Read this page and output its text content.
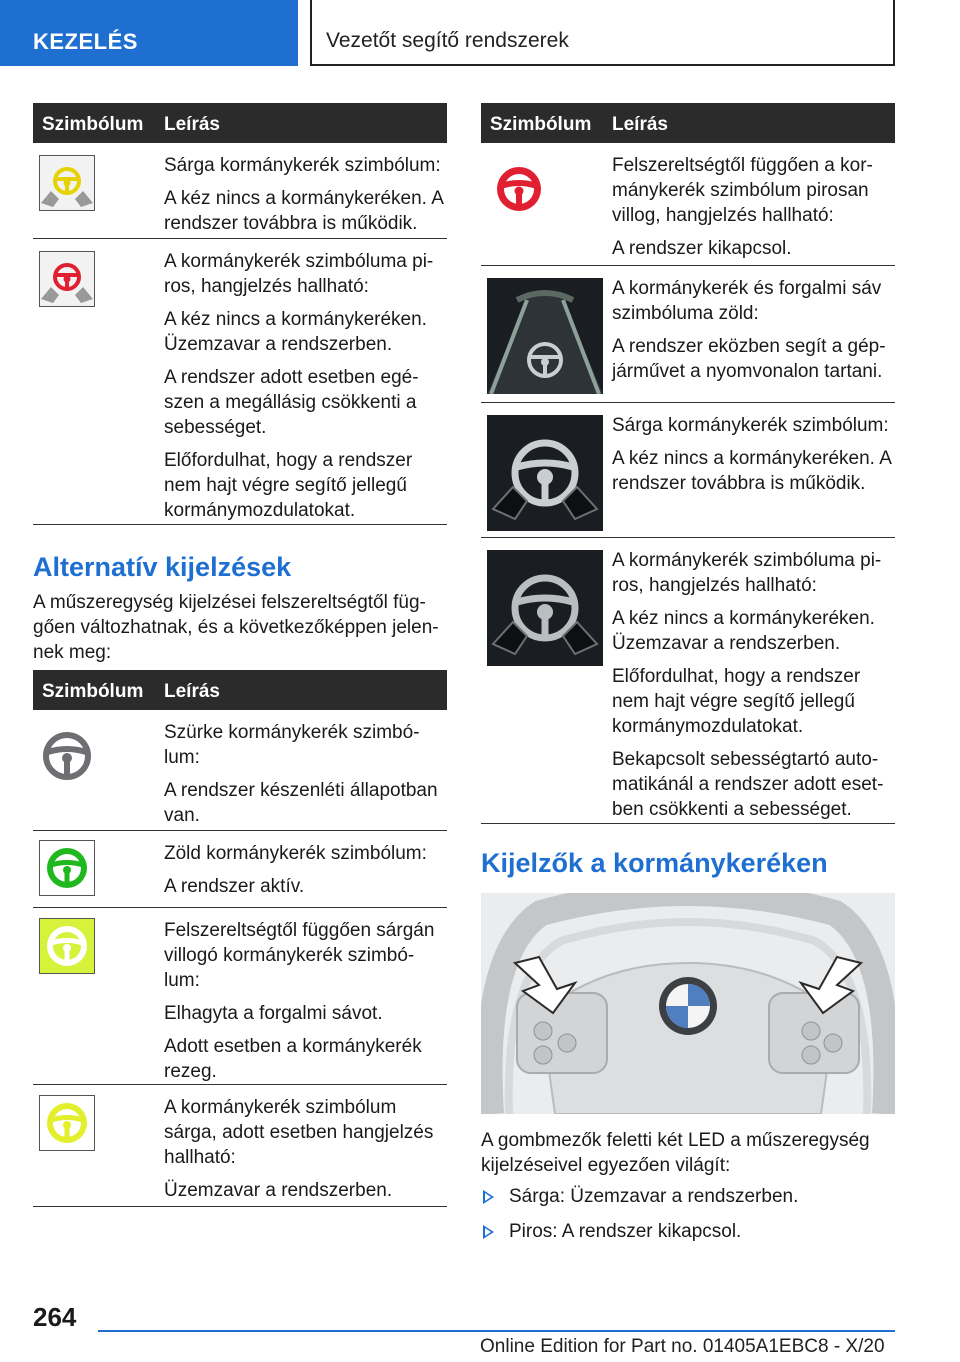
KEZELÉS	Vezetőt segítő rendszerek
Szimbólum Leírás

Sárga kormánykerék szimbólum:

A kéz nincs a kormánykeréken. A rendszer továbbra is működik.

A kormánykerék szimbóluma pi-ros, hangjelzés hallható:

A kéz nincs a kormánykeréken. Üzemzavar a rendszerben.

A rendszer adott esetben egé-szen a megállásig csökkenti a sebességet.

Előfordulhat, hogy a rendszer nem hajt végre segítő jellegű kormánymozdulatokat.

Alternatív kijelzések
A műszeregység kijelzései felszereltségtől füg-gően változhatnak, és a következőképpen jelen-nek meg:
Szimbólum Leírás

Szürke kormánykerék szimbó-lum:

A rendszer készenléti állapotban van.

Zöld kormánykerék szimbólum:

A rendszer aktív.

Felszereltségtől függően sárgán villogó kormánykerék szimbó-lum:

Elhagyta a forgalmi sávot.

Adott esetben a kormánykerék rezeg.

A kormánykerék szimbólum sárga, adott esetben hangjelzés hallható:

Üzemzavar a rendszerben.

Szimbólum Leírás

Felszereltségtől függően a kor-mánykerék szimbólum pirosan villog, hangjelzés hallható:

A rendszer kikapcsol.

A kormánykerék és forgalmi sáv szimbóluma zöld:

A rendszer eközben segít a gép-járművet a nyomvonalon tartani.

Sárga kormánykerék szimbólum:

A kéz nincs a kormánykeréken. A rendszer továbbra is működik.

A kormánykerék szimbóluma pi-ros, hangjelzés hallható:

A kéz nincs a kormánykeréken. Üzemzavar a rendszerben.

Előfordulhat, hogy a rendszer nem hajt végre segítő jellegű kormánymozdulatokat.

Bekapcsolt sebességtartó auto-matikánál a rendszer adott eset-ben csökkenti a sebességet.

Kijelzők a kormánykeréken
A gombmezők feletti két LED a műszeregység kijelzéseivel egyezően világít:
Sárga: Üzemzavar a rendszerben.
Piros: A rendszer kikapcsol.
264
Online Edition for Part no. 01405A1EBC8 - X/20
